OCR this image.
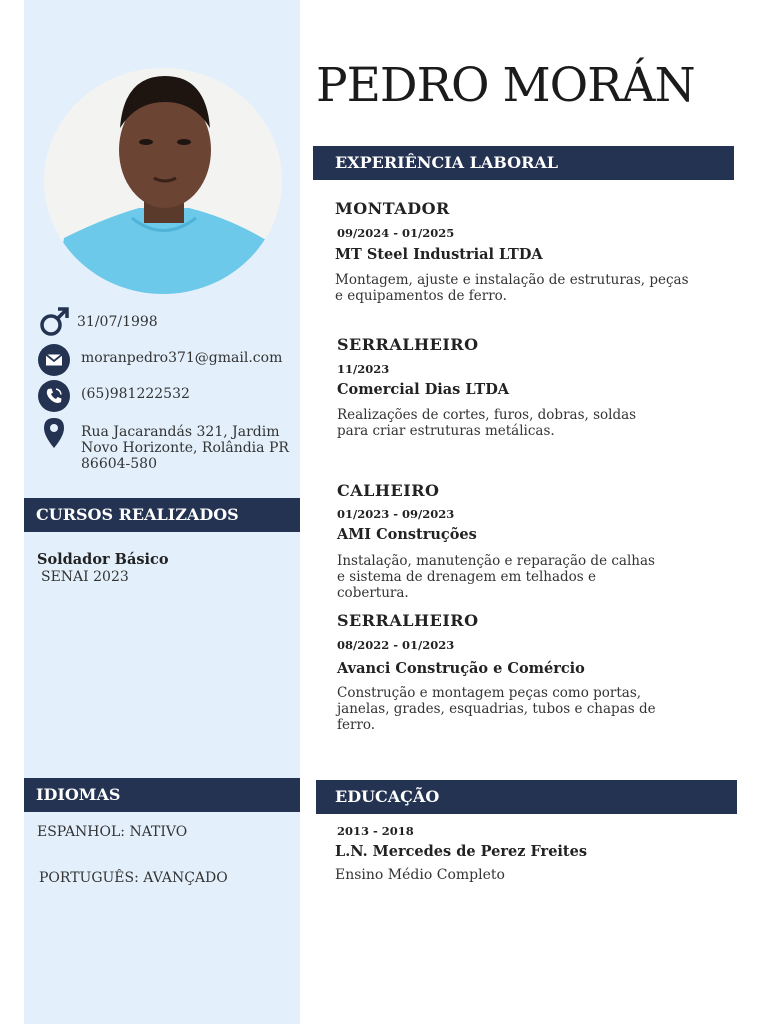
PEDRO MORÁN
31/07/1998
moranpedro371@gmail.com
(65)981222532
Rua Jacarandás 321, Jardim
Novo Horizonte, Rolândia PR
86604-580
CURSOS REALIZADOS
Soldador Básico
SENAI 2023
IDIOMAS
ESPANHOL: NATIVO
PORTUGUÊS: AVANÇADO
EXPERIÊNCIA LABORAL
MONTADOR
09/2024 - 01/2025
MT Steel Industrial LTDA
Montagem, ajuste e instalação de estruturas, peças e equipamentos de ferro.
SERRALHEIRO
11/2023
Comercial Dias LTDA
Realizações de cortes, furos, dobras, soldas para criar estruturas metálicas.
CALHEIRO
01/2023 - 09/2023
AMI Construções
Instalação, manutenção e reparação de calhas e sistema de drenagem em telhados e cobertura.
SERRALHEIRO
08/2022 - 01/2023
Avanci Construção e Comércio
Construção e montagem peças como portas, janelas, grades, esquadrias, tubos e chapas de ferro.
EDUCAÇÃO
2013 - 2018
L.N. Mercedes de Perez Freites
Ensino Médio Completo
